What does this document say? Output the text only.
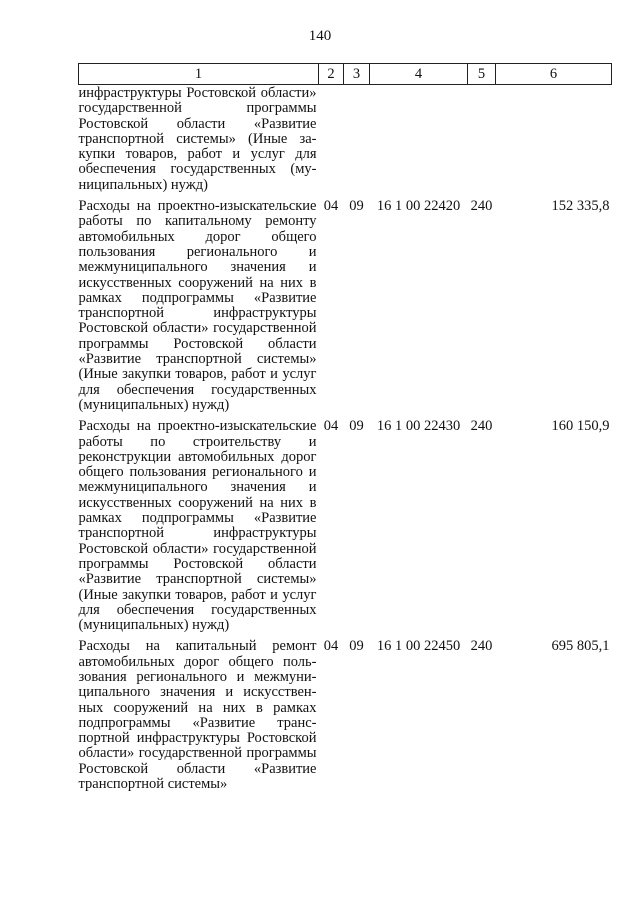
140
1	2	3	4	5	6
инфраструктуры Ростовской области» государственной программы Ростовской области «Развитие транспортной системы» (Иные закупки товаров, работ и услуг для обеспечения государственных (муниципальных) нужд)					
Расходы на проектно-изыскательские работы по капитальному ремонту автомобильных дорог общего пользования регионального и межмуниципального значения и искусственных сооружений на них в рамках подпрограммы «Развитие транспортной инфраструктуры Ростовской области» государственной программы Ростовской области «Развитие транспортной системы» (Иные закупки товаров, работ и услуг для обеспечения государственных (муниципальных) нужд)	04	09	16 1 00 22420	240	152 335,8
Расходы на проектно-изыскательские работы по строительству и реконструкции автомобильных дорог общего пользования регионального и межмуниципального значения и искусственных сооружений на них в рамках подпрограммы «Развитие транспортной инфраструктуры Ростовской области» государственной программы Ростовской области «Развитие транспортной системы» (Иные закупки товаров, работ и услуг для обеспечения государственных (муниципальных) нужд)	04	09	16 1 00 22430	240	160 150,9
Расходы на капитальный ремонт автомобильных дорог общего пользования регионального и межмуниципального значения и искусственных сооружений на них в рамках подпрограммы «Развитие транспортной инфраструктуры Ростовской области» государственной программы Ростовской области «Развитие транспортной системы»	04	09	16 1 00 22450	240	695 805,1
